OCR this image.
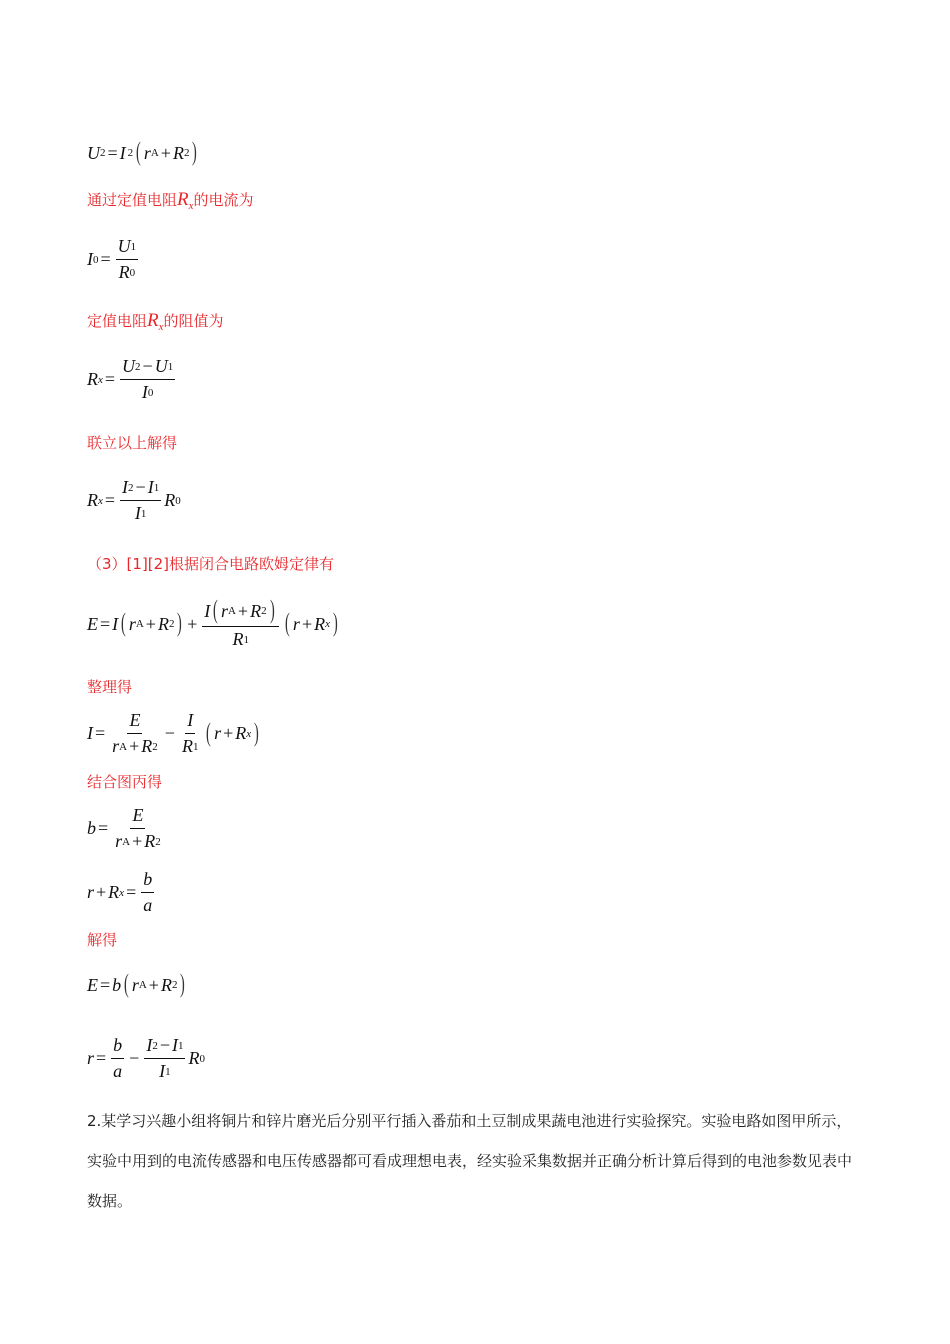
U 2 = I 2 ( r A + R 2 )
通过定值电阻$R_x$的电流为
I $0 = \frac{U 1}{R 0}$
定值电阻$R_x$的阻值为
R $x = \frac{U 2 - U 1}{I 0}$
联立以上解得
R $x = \frac{I 2 - I 1}{I 1}$ R 0
（3）[1][2]根据闭合电路欧姆定律有
E = I ( r A + R 2 ) + $\frac{\text{I ( r A + R 2 )}}{R 1}$ ( r + R x )
整理得
$I = \frac{E}{\text{r A + R 2}} - \frac{I}{R 1}$ ( r + R x )
结合图丙得
$b = \frac{E}{\text{r A + R 2}}$
r + R $x = \frac{b}{a}$
解得
E = b ( r A + R 2 )
$r = \frac{b}{a} - \frac{I 2 - I 1}{I 1}$ R 0
2.某学习兴趣小组将铜片和锌片磨光后分别平行插入番茄和土豆制成果蔬电池进行实验探究。实验电路如图甲所示，实验中用到的电流传感器和电压传感器都可看成理想电表，经实验采集数据并正确分析计算后得到的电池参数见表中数据。
